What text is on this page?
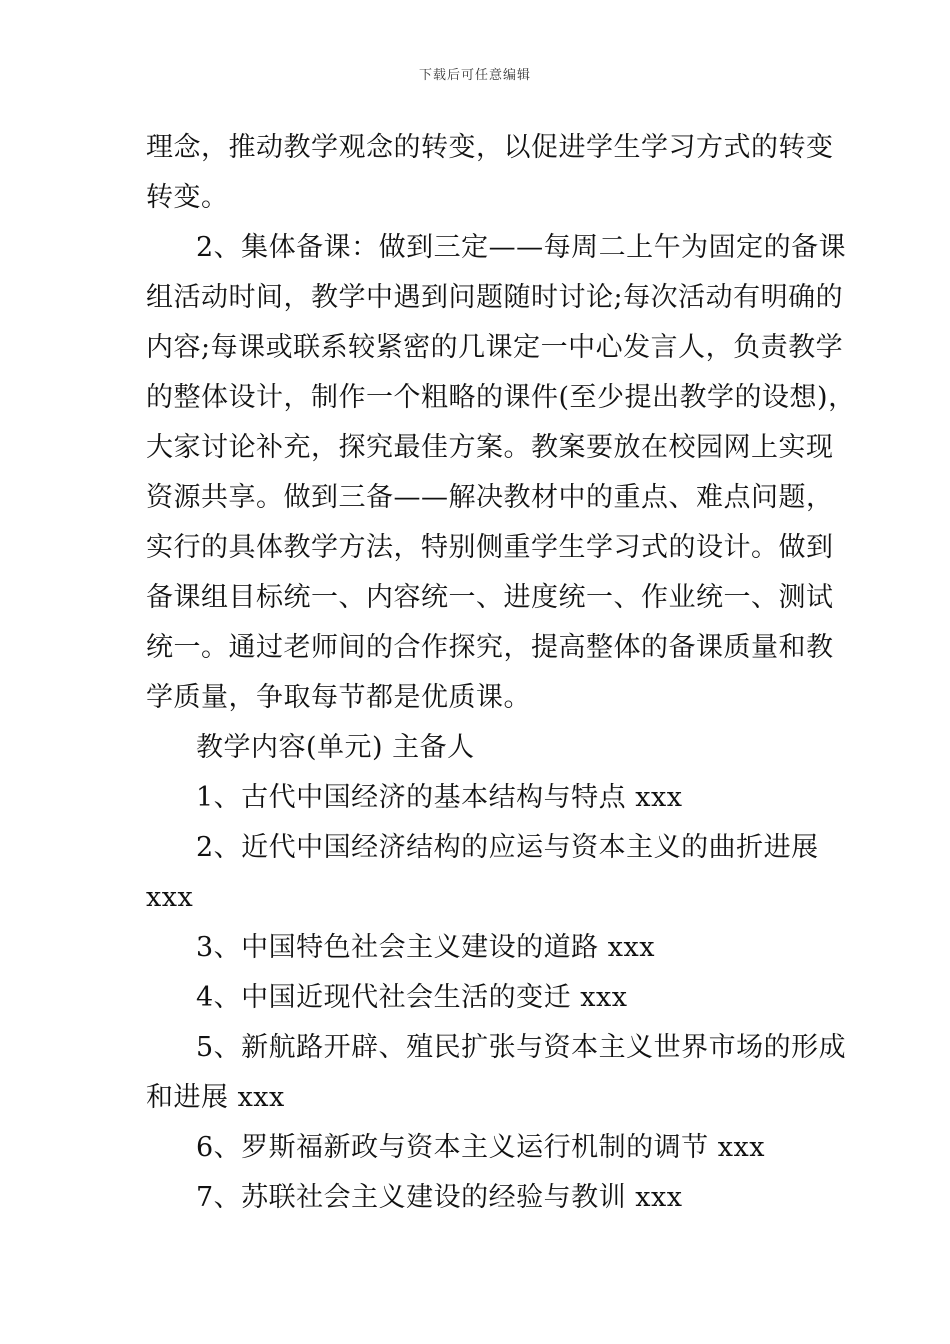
下载后可任意编辑
理念，推动教学观念的转变，以促进学生学习方式的转变
转变。
2、集体备课：做到三定——每周二上午为固定的备课
组活动时间，教学中遇到问题随时讨论;每次活动有明确的
内容;每课或联系较紧密的几课定一中心发言人，负责教学
的整体设计，制作一个粗略的课件(至少提出教学的设想)，
大家讨论补充，探究最佳方案。教案要放在校园网上实现
资源共享。做到三备——解决教材中的重点、难点问题，
实行的具体教学方法，特别侧重学生学习式的设计。做到
备课组目标统一、内容统一、进度统一、作业统一、测试
统一。通过老师间的合作探究，提高整体的备课质量和教
学质量，争取每节都是优质课。
教学内容(单元) 主备人
1、古代中国经济的基本结构与特点 xxx
2、近代中国经济结构的应运与资本主义的曲折进展
xxx
3、中国特色社会主义建设的道路 xxx
4、中国近现代社会生活的变迁 xxx
5、新航路开辟、殖民扩张与资本主义世界市场的形成
和进展 xxx
6、罗斯福新政与资本主义运行机制的调节 xxx
7、苏联社会主义建设的经验与教训 xxx
